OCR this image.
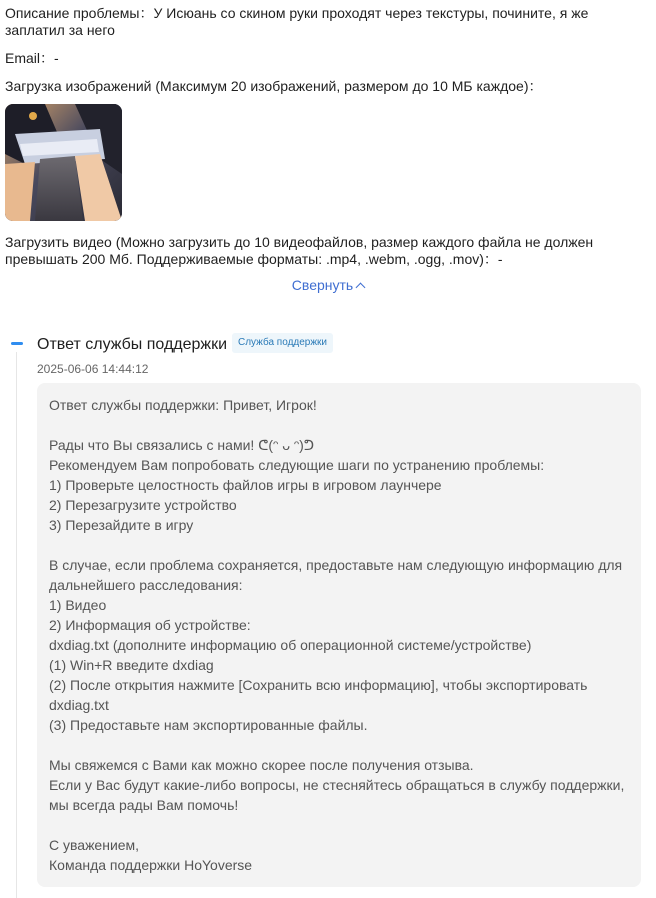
Описание проблемы：У Исюань со скином руки проходят через текстуры, почините, я же
заплатил за него
Email：-
Загрузка изображений (Максимум 20 изображений, размером до 10 МБ каждое)：
Загрузить видео (Можно загрузить до 10 видеофайлов, размер каждого файла не должен
превышать 200 Мб. Поддерживаемые форматы: .mp4, .webm, .ogg, .mov)：-
Свернуть
Ответ службы поддержки	Служба поддержки
2025-06-06 14:44:12
Ответ службы поддержки: Привет, Игрок!
Рады что Вы связались с нами! ᕦ(ᵔ ᴗ ᵔ)ᕤ
Рекомендуем Вам попробовать следующие шаги по устранению проблемы:
1) Проверьте целостность файлов игры в игровом лаунчере
2) Перезагрузите устройство
3) Перезайдите в игру
В случае, если проблема сохраняется, предоставьте нам следующую информацию для
дальнейшего расследования:
1) Видео
2) Информация об устройстве:
dxdiag.txt (дополните информацию об операционной системе/устройстве)
(1) Win+R введите dxdiag
(2) После открытия нажмите [Сохранить всю информацию], чтобы экспортировать
dxdiag.txt
(3) Предоставьте нам экспортированные файлы.
Мы свяжемся с Вами как можно скорее после получения отзыва.
Если у Вас будут какие-либо вопросы, не стесняйтесь обращаться в службу поддержки,
мы всегда рады Вам помочь!
С уважением,
Команда поддержки HoYoverse
